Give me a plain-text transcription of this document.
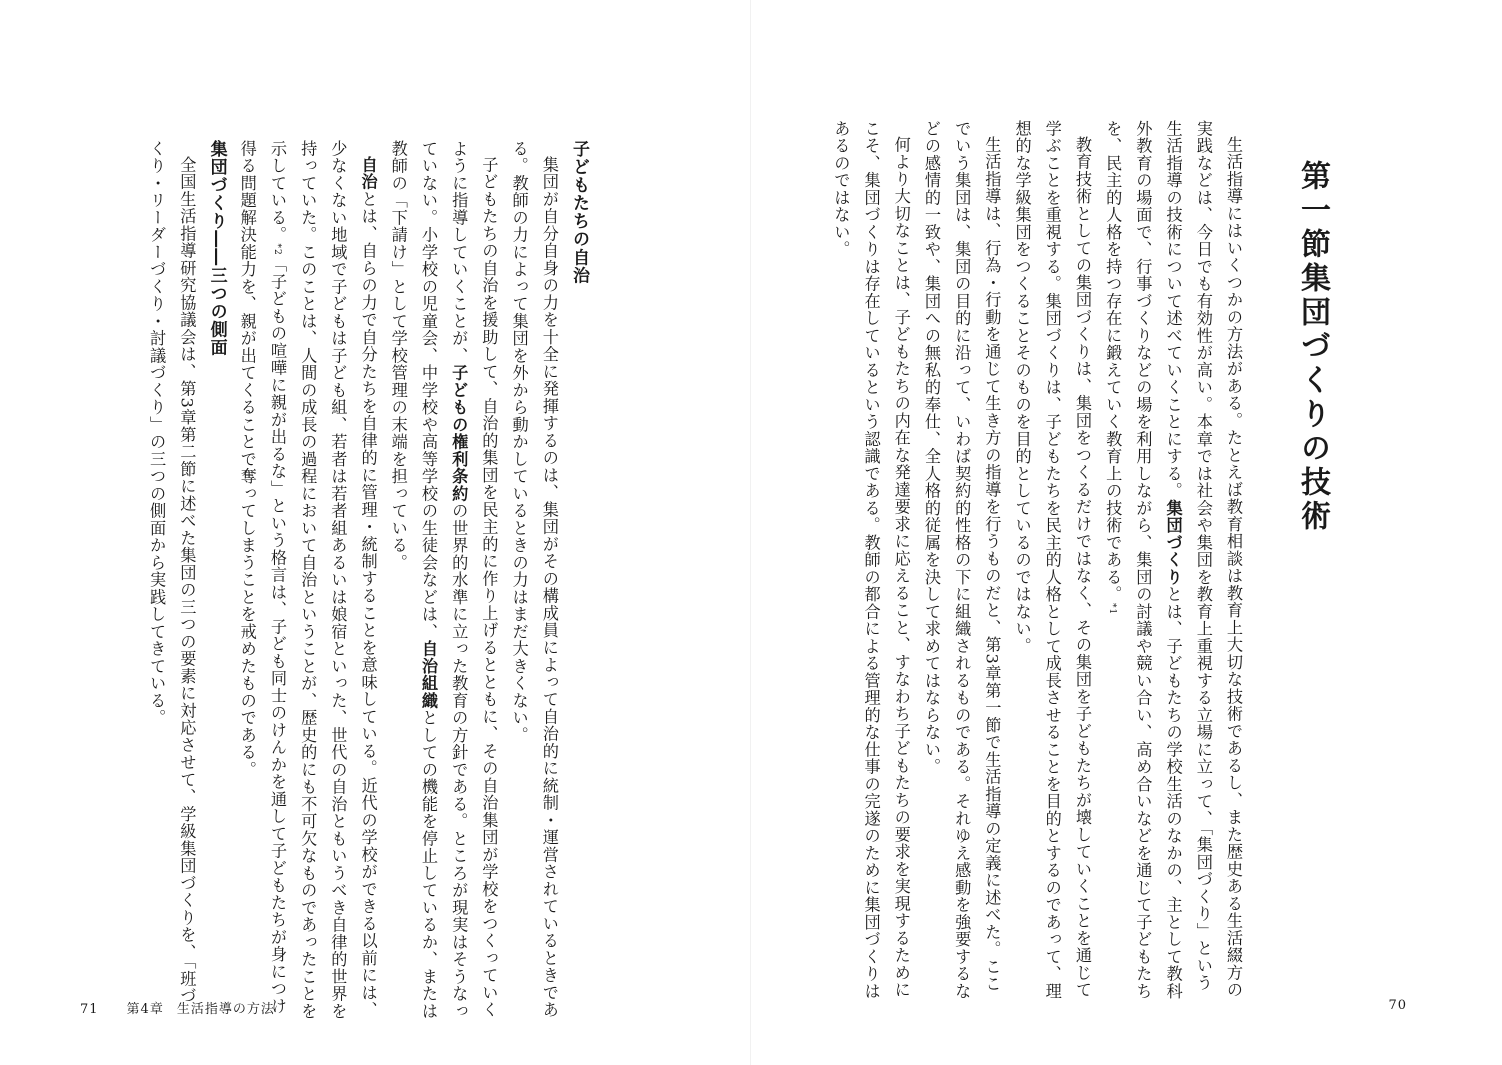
第一節集団づくりの技術

生活指導にはいくつかの方法がある。たとえば教育相談は教育上大切な技術であるし、また歴史ある生活綴方の実践などは、今日でも有効性が高い。本章では社会や集団を教育上重視する立場に立って、「集団づくり」という生活指導の技術について述べていくことにする。集団づくりとは、子どもたちの学校生活のなかの、主として教科外教育の場面で、行事づくりなどの場を利用しながら、集団の討議や競い合い、高め合いなどを通じて子どもたちを、民主的人格を持つ存在に鍛えていく教育上の技術である。*1

教育技術としての集団づくりは、集団をつくるだけではなく、その集団を子どもたちが壊していくことを通じて学ぶことを重視する。集団づくりは、子どもたちを民主的人格として成長させることを目的とするのであって、理想的な学級集団をつくることそのものを目的としているのではない。

生活指導は、行為・行動を通じて生き方の指導を行うものだと、第3章第一節で生活指導の定義に述べた。ここでいう集団は、集団の目的に沿って、いわば契約的性格の下に組織されるものである。それゆえ感動を強要するなどの感情的一致や、集団への無私的奉仕、全人格的従属を決して求めてはならない。

何より大切なことは、子どもたちの内在な発達要求に応えること、すなわち子どもたちの要求を実現するためにこそ、集団づくりは存在しているという認識である。教師の都合による管理的な仕事の完遂のために集団づくりはあるのではない。

子どもたちの自治

集団が自分自身の力を十全に発揮するのは、集団がその構成員によって自治的に統制・運営されているときである。教師の力によって集団を外から動かしているときの力はまだ大きくない。

子どもたちの自治を援助して、自治的集団を民主的に作り上げるとともに、その自治集団が学校をつくっていくように指導していくことが、子どもの権利条約の世界的水準に立った教育の方針である。ところが現実はそうなっていない。小学校の児童会、中学校や高等学校の生徒会などは、自治組織としての機能を停止しているか、または教師の「下請け」として学校管理の末端を担っている。

自治とは、自らの力で自分たちを自律的に管理・統制することを意味している。近代の学校ができる以前には、少なくない地域で子どもは子ども組、若者は若者組あるいは娘宿といった、世代の自治ともいうべき自律的世界を持っていた。このことは、人間の成長の過程において自治ということが、歴史的にも不可欠なものであったことを示している。*2「子どもの喧嘩に親が出るな」という格言は、子ども同士のけんかを通して子どもたちが身につけ得る問題解決能力を、親が出てくることで奪ってしまうことを戒めたものである。

集団づくり――三つの側面

全国生活指導研究協議会は、第3章第二節に述べた集団の三つの要素に対応させて、学級集団づくりを、「班づくり・リーダーづくり・討議づくり」の三つの側面から実践してきている。

70
71 第4章 生活指導の方法
